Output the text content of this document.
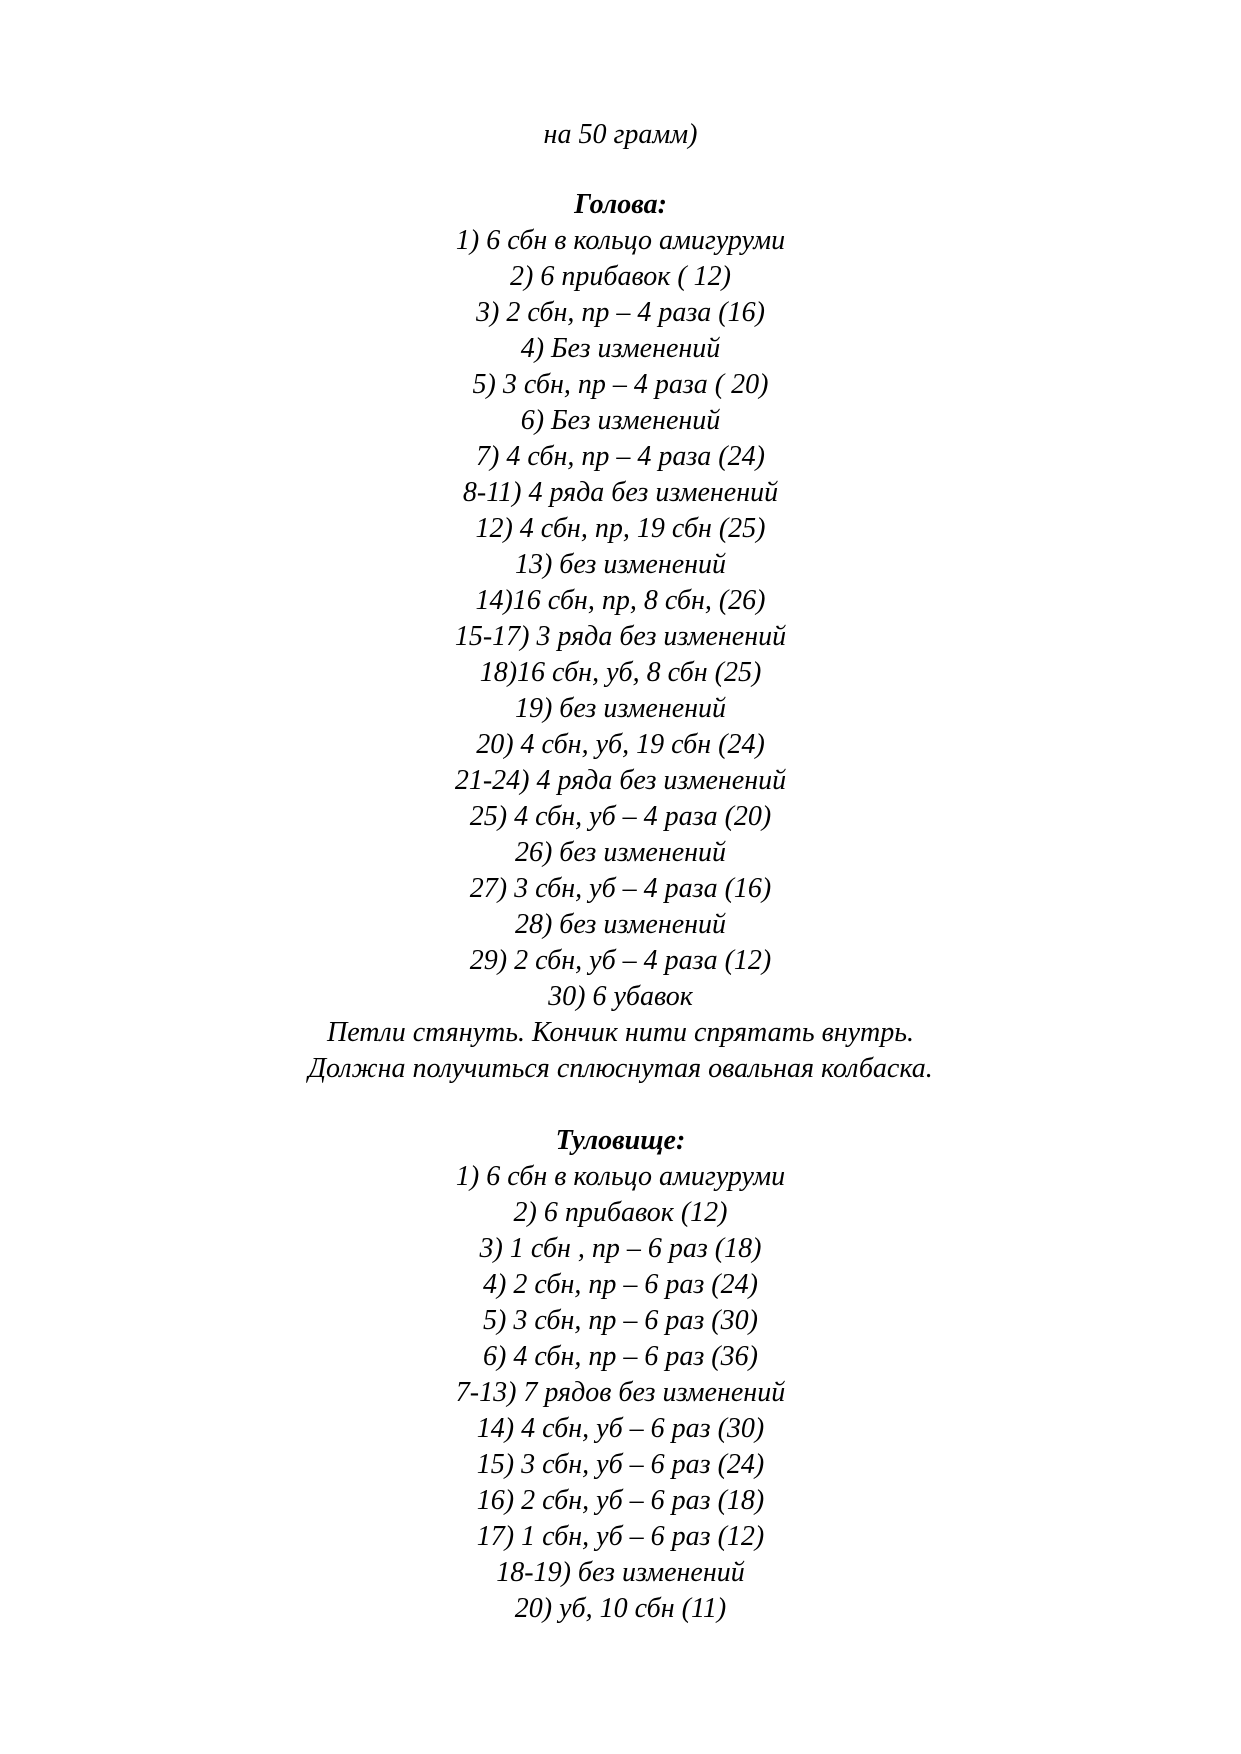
на 50 грамм)
Голова:
1) 6 сбн в кольцо амигуруми
2) 6 прибавок ( 12)
3) 2 сбн, пр – 4 раза (16)
4) Без изменений
5) 3 сбн, пр – 4 раза ( 20)
6) Без изменений
7) 4 сбн, пр – 4 раза (24)
8-11) 4 ряда без изменений
12) 4 сбн, пр, 19 сбн (25)
13) без изменений
14)16 сбн, пр, 8 сбн, (26)
15-17) 3 ряда без изменений
18)16 сбн, уб, 8 сбн (25)
19) без изменений
20) 4 сбн, уб, 19 сбн (24)
21-24) 4 ряда без изменений
25) 4 сбн, уб – 4 раза (20)
26) без изменений
27) 3 сбн, уб – 4 раза (16)
28) без изменений
29) 2 сбн, уб – 4 раза (12)
30) 6 убавок
Петли стянуть. Кончик нити спрятать внутрь.
Должна получиться сплюснутая овальная колбаска.
Туловище:
1) 6 сбн в кольцо амигуруми
2) 6 прибавок (12)
3) 1 сбн , пр – 6 раз (18)
4) 2 сбн, пр – 6 раз (24)
5) 3 сбн, пр – 6 раз (30)
6) 4 сбн, пр – 6 раз (36)
7-13) 7 рядов без изменений
14) 4 сбн, уб – 6 раз (30)
15) 3 сбн, уб – 6 раз (24)
16) 2 сбн, уб – 6 раз (18)
17) 1 сбн, уб – 6 раз (12)
18-19) без изменений
20) уб, 10 сбн (11)
